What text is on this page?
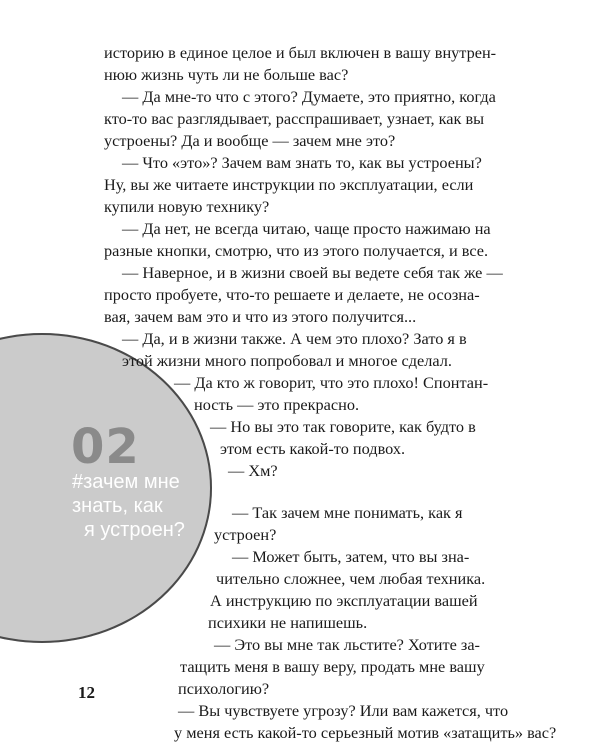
02
#зачем мне
знать, как
я устроен?
историю в единое целое и был включен в вашу внутрен-
нюю жизнь чуть ли не больше вас?
— Да мне-то что с этого? Думаете, это приятно, когда
кто-то вас разглядывает, расспрашивает, узнает, как вы
устроены? Да и вообще — зачем мне это?
— Что «это»? Зачем вам знать то, как вы устроены?
Ну, вы же читаете инструкции по эксплуатации, если
купили новую технику?
— Да нет, не всегда читаю, чаще просто нажимаю на
разные кнопки, смотрю, что из этого получается, и все.
— Наверное, и в жизни своей вы ведете себя так же —
просто пробуете, что-то решаете и делаете, не осозна-
вая, зачем вам это и что из этого получится...
— Да, и в жизни также. А чем это плохо? Зато я в
этой жизни много попробовал и многое сделал.
— Да кто ж говорит, что это плохо! Спонтан-
ность — это прекрасно.
— Но вы это так говорите, как будто в
этом есть какой-то подвох.
— Хм?
— Так зачем мне понимать, как я
устроен?
— Может быть, затем, что вы зна-
чительно сложнее, чем любая техника.
А инструкцию по эксплуатации вашей
психики не напишешь.
— Это вы мне так льстите? Хотите за-
тащить меня в вашу веру, продать мне вашу
психологию?
— Вы чувствуете угрозу? Или вам кажется, что
у меня есть какой-то серьезный мотив «затащить» вас?
12
